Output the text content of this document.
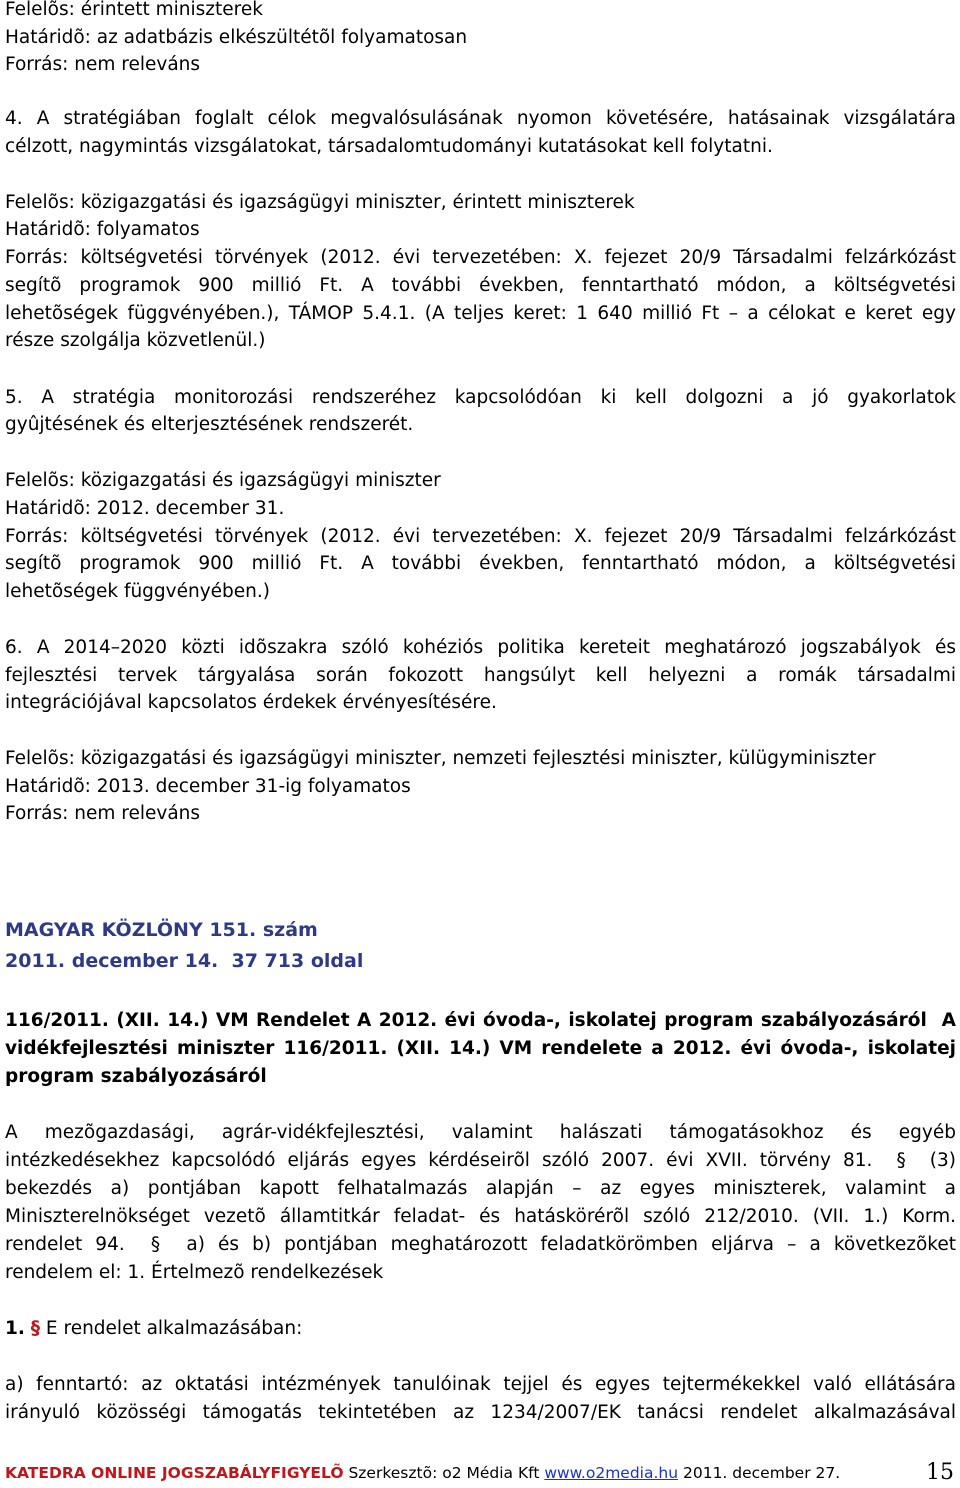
Felelõs: érintett miniszterek
Határidõ: az adatbázis elkészültétõl folyamatosan
Forrás: nem releváns
4. A stratégiában foglalt célok megvalósulásának nyomon követésére, hatásainak vizsgálatára
célzott, nagymintás vizsgálatokat, társadalomtudományi kutatásokat kell folytatni.
Felelõs: közigazgatási és igazságügyi miniszter, érintett miniszterek
Határidõ: folyamatos
Forrás: költségvetési törvények (2012. évi tervezetében: X. fejezet 20/9 Társadalmi felzárkózást
segítõ programok 900 millió Ft. A további években, fenntartható módon, a költségvetési
lehetõségek függvényében.), TÁMOP 5.4.1. (A teljes keret: 1 640 millió Ft – a célokat e keret egy
része szolgálja közvetlenül.)
5. A stratégia monitorozási rendszeréhez kapcsolódóan ki kell dolgozni a jó gyakorlatok
gyûjtésének és elterjesztésének rendszerét.
Felelõs: közigazgatási és igazságügyi miniszter
Határidõ: 2012. december 31.
Forrás: költségvetési törvények (2012. évi tervezetében: X. fejezet 20/9 Társadalmi felzárkózást
segítõ programok 900 millió Ft. A további években, fenntartható módon, a költségvetési
lehetõségek függvényében.)
6. A 2014–2020 közti idõszakra szóló kohéziós politika kereteit meghatározó jogszabályok és
fejlesztési tervek tárgyalása során fokozott hangsúlyt kell helyezni a romák társadalmi
integrációjával kapcsolatos érdekek érvényesítésére.
Felelõs: közigazgatási és igazságügyi miniszter, nemzeti fejlesztési miniszter, külügyminiszter
Határidõ: 2013. december 31-ig folyamatos
Forrás: nem releváns
MAGYAR KÖZLÖNY 151. szám
2011. december 14.  37 713 oldal
116/2011. (XII. 14.) VM Rendelet A 2012. évi óvoda-, iskolatej program szabályozásáról  A
vidékfejlesztési miniszter 116/2011. (XII. 14.) VM rendelete a 2012. évi óvoda-, iskolatej
program szabályozásáról
A mezõgazdasági, agrár-vidékfejlesztési, valamint halászati támogatásokhoz és egyéb
intézkedésekhez kapcsolódó eljárás egyes kérdéseirõl szóló 2007. évi XVII. törvény 81.  §  (3)
bekezdés a) pontjában kapott felhatalmazás alapján – az egyes miniszterek, valamint a
Miniszterelnökséget vezetõ államtitkár feladat- és hatáskörérõl szóló 212/2010. (VII. 1.) Korm.
rendelet 94.  §  a) és b) pontjában meghatározott feladatkörömben eljárva – a következõket
rendelem el: 1. Értelmezõ rendelkezések
1. § E rendelet alkalmazásában:
a) fenntartó: az oktatási intézmények tanulóinak tejjel és egyes tejtermékekkel való ellátására
irányuló közösségi támogatás tekintetében az 1234/2007/EK tanácsi rendelet alkalmazásával
KATEDRA ONLINE JOGSZABÁLYFIGYELÕ Szerkesztõ: o2 Média Kft www.o2media.hu 2011. december 27.	15
